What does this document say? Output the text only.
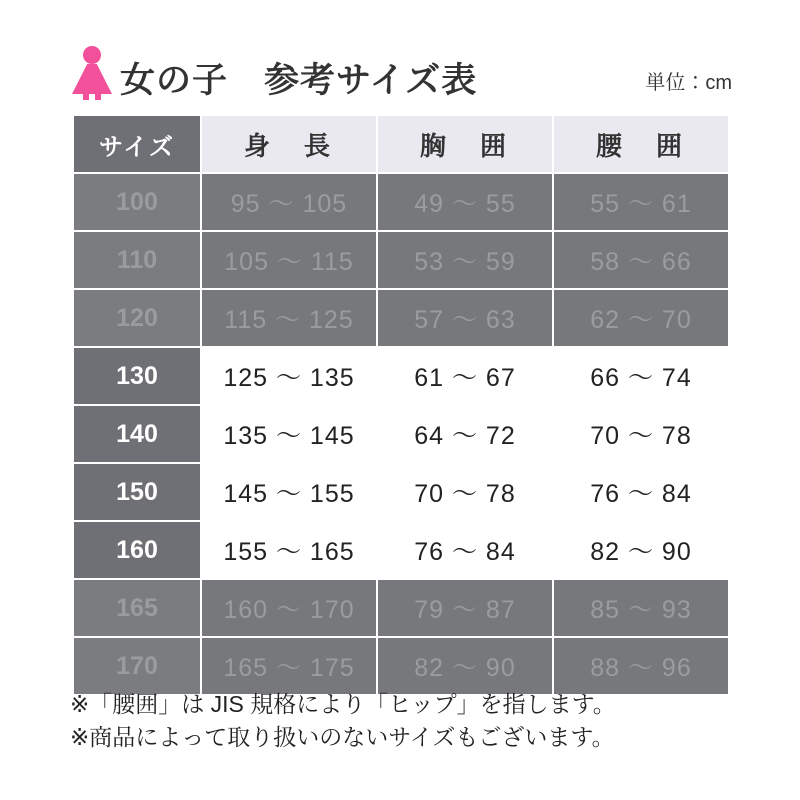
女の子　参考サイズ表	単位：cm
サイズ	身　長	胸　囲	腰　囲
100	95 〜 105	49 〜 55	55 〜 61
110	105 〜 115	53 〜 59	58 〜 66
120	115 〜 125	57 〜 63	62 〜 70
130	125 〜 135	61 〜 67	66 〜 74
140	135 〜 145	64 〜 72	70 〜 78
150	145 〜 155	70 〜 78	76 〜 84
160	155 〜 165	76 〜 84	82 〜 90
165	160 〜 170	79 〜 87	85 〜 93
170	165 〜 175	82 〜 90	88 〜 96

※「腰囲」は JIS 規格により「ヒップ」を指します。

※商品によって取り扱いのないサイズもございます。
